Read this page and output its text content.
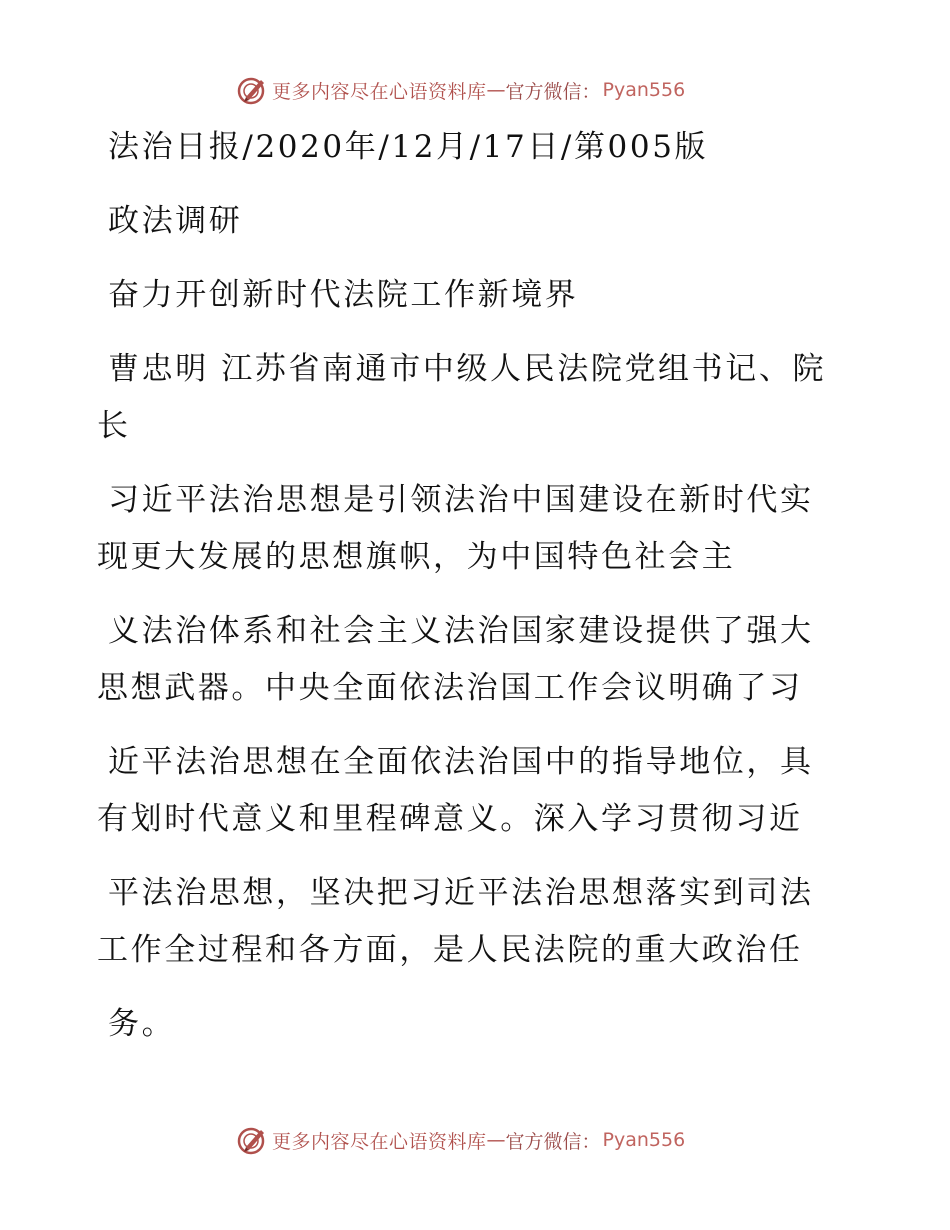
更多内容尽在心语资料库 — 官方微信： Pyan556
法治日报/2020年/12月/17日/第005版
政法调研
奋力开创新时代法院工作新境界
曹忠明 江苏省南通市中级人民法院党组书记、院
长
习近平法治思想是引领法治中国建设在新时代实
现更大发展的思想旗帜，为中国特色社会主
义法治体系和社会主义法治国家建设提供了强大
思想武器。中央全面依法治国工作会议明确了习
近平法治思想在全面依法治国中的指导地位，具
有划时代意义和里程碑意义。深入学习贯彻习近
平法治思想，坚决把习近平法治思想落实到司法
工作全过程和各方面，是人民法院的重大政治任
务。
更多内容尽在心语资料库 — 官方微信： Pyan556
